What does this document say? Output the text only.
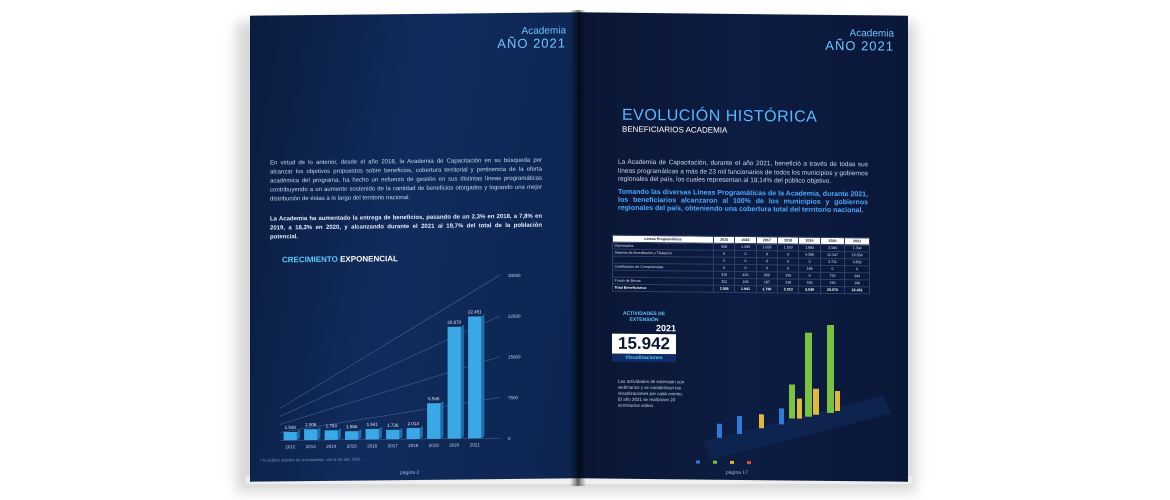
Academia
AÑO 2021
En virtud de lo anterior, desde el año 2018, la Academia de Capacitación en su búsqueda por alcanzar los objetivos propuestos sobre beneficios, cobertura territorial y pertinencia de la oferta académica del programa, ha hecho un esfuerzo de gestión en sus distintas líneas programáticas contribuyendo a un aumento sostenido de la cantidad de beneficios otorgados y logrando una mejor distribución de éstas a lo largo del territorio nacional.
La Academia ha aumentado la entrega de beneficios, pasando de un 2,3% en 2018, a 7,8% en 2019, a 18,3% en 2020, y alcanzando durante el 2021 al 19,7% del total de la población potencial.
CRECIMIENTO EXPONENCIAL
0
7500
15000
22500
30000
1.548
2012
2.006
2013
1.763
2014
1.566
2015
1.941
2016
1.736
2017
2.013
2018
6.548
2019
20.570
2020
22.451
2021
* % público objetivo de la Academia, con la del año 2021 ...
página 2
Academia
AÑO 2021
EVOLUCIÓN HISTÓRICA
BENEFICIARIOS ACADEMIA
La Academia de Capacitación, durante el año 2021, benefició a través de todas sus líneas programáticas a más de 23 mil funcionarios de todos los municipios y gobiernos regionales del país, los cuales representan al 19,14% del público objetivo.
Tomando las diversas Líneas Programáticas de la Academia, durante 2021, los beneficiarios alcanzaron al 100% de los municipios y gobiernos regionales del país, obteniendo una cobertura total del territorio nacional.
Líneas Programáticas	2015	2016	2017	2018	2019	2020	2021
Diplomados	928	1.395	1.028	1.520	1.684	3.184	1.394
Sistema de Acreditación y Titulación	0	0	0	0	4.356	12.107	15.554
	0	0	0	0	0	3.711	3.832
Certificación de Competencias	0	0	0	0	148	0	0
	316	426	500	295	0	733	394
Fondo de Becas	322	193	187	238	190	190	196
Total Beneficiarios	1.566	1.941	1.736	2.013	6.548	20.570	22.451
ACTIVIDADES DE EXTENSIÓN
2021
15.942
Visualizaciones
Las actividades de extensión son webinarios y se contabilizan las visualizaciones por cada evento. El año 2021 se realizaron 20 seminarios online.

página 17
